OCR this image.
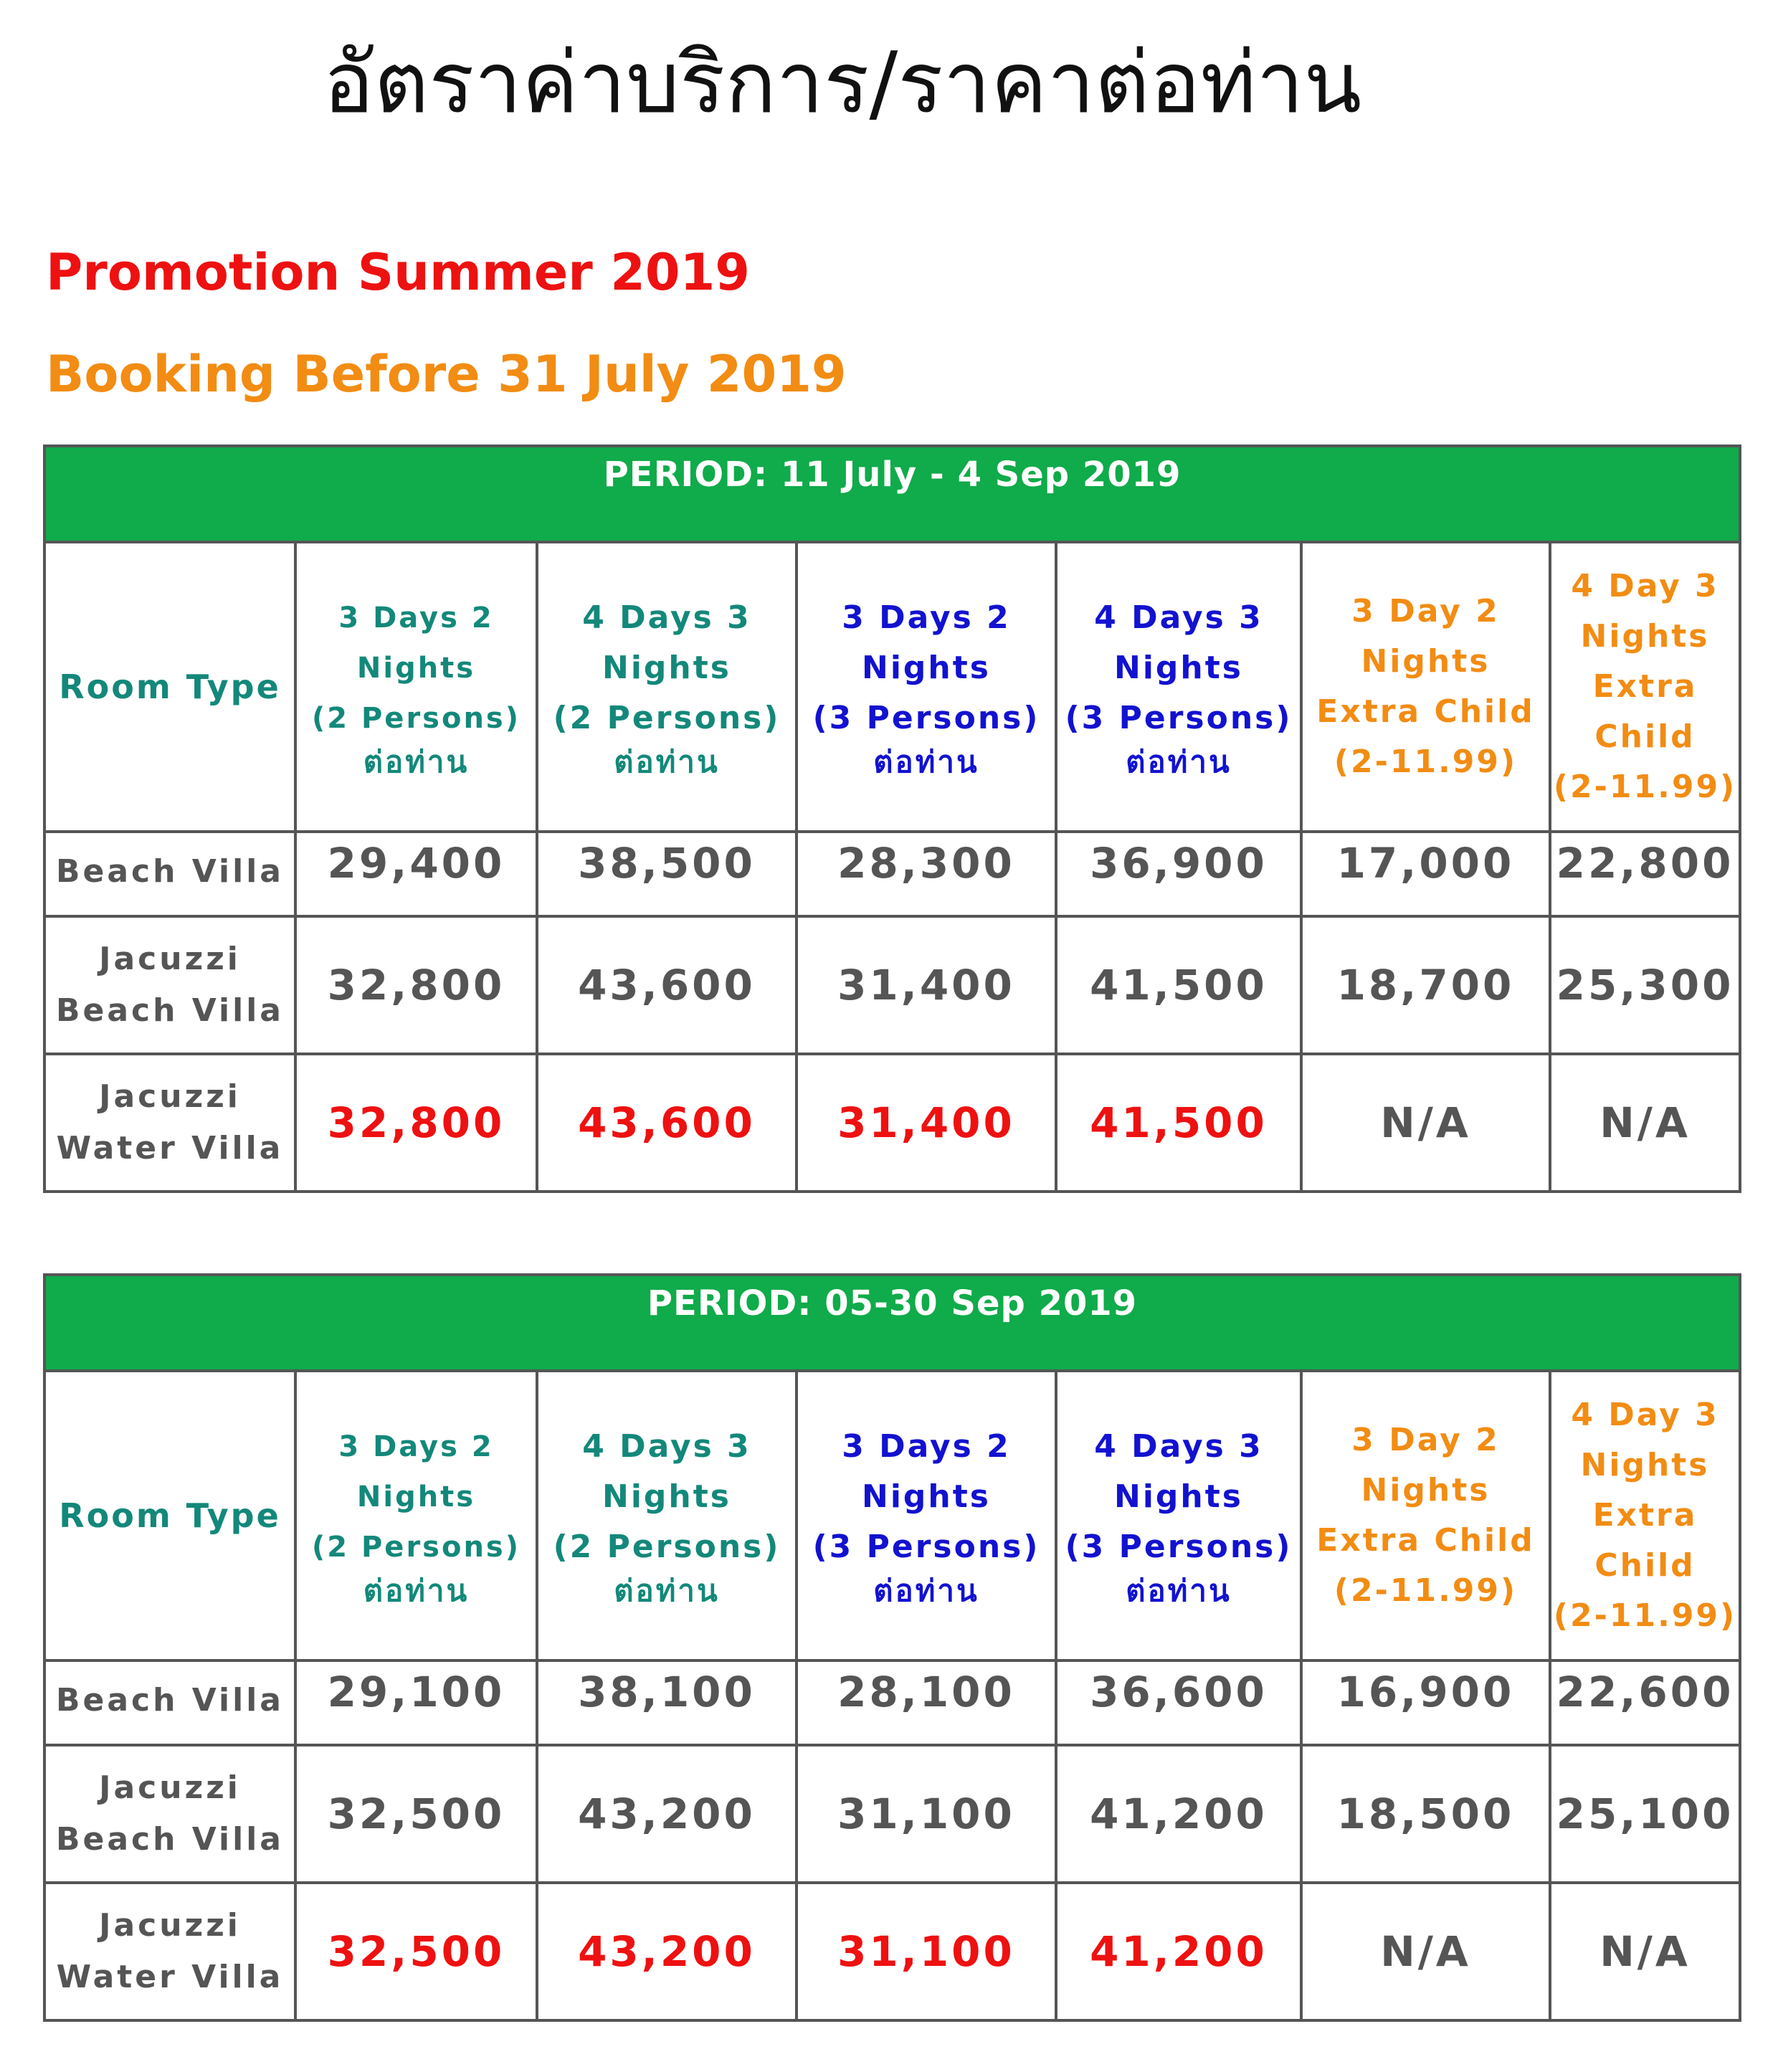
อัตราค่าบริการ/ราคาต่อท่าน
Promotion Summer 2019
Booking Before 31 July 2019
PERIOD: 11 July - 4 Sep 2019						
Room Type	3 Days 2
Nights
(2 Persons)
ต่อท่าน	4 Days 3
Nights
(2 Persons)
ต่อท่าน	3 Days 2
Nights
(3 Persons)
ต่อท่าน	4 Days 3
Nights
(3 Persons)
ต่อท่าน	3 Day 2
Nights
Extra Child
(2-11.99)	4 Day 3
Nights
Extra
Child
(2-11.99)

Beach Villa	29,400	38,500	28,300	36,900	17,000	22,800

Jacuzzi
Beach Villa	32,800	43,600	31,400	41,500	18,700	25,300

Jacuzzi
Water Villa	32,800	43,600	31,400	41,500	N/A	N/A
PERIOD: 05-30 Sep 2019						
Room Type	3 Days 2
Nights
(2 Persons)
ต่อท่าน	4 Days 3
Nights
(2 Persons)
ต่อท่าน	3 Days 2
Nights
(3 Persons)
ต่อท่าน	4 Days 3
Nights
(3 Persons)
ต่อท่าน	3 Day 2
Nights
Extra Child
(2-11.99)	4 Day 3
Nights
Extra
Child
(2-11.99)

Beach Villa	29,100	38,100	28,100	36,600	16,900	22,600

Jacuzzi
Beach Villa	32,500	43,200	31,100	41,200	18,500	25,100

Jacuzzi
Water Villa	32,500	43,200	31,100	41,200	N/A	N/A
